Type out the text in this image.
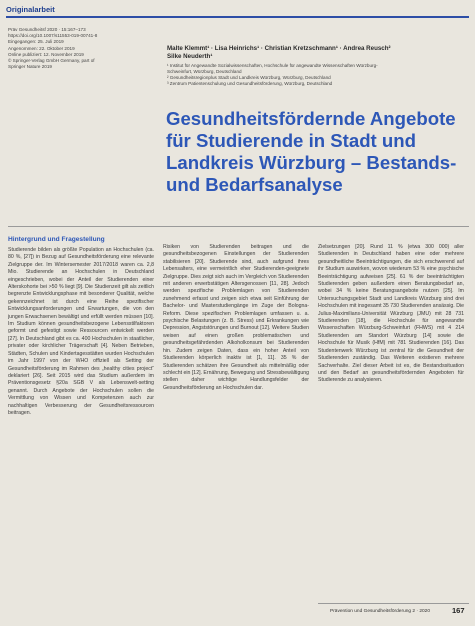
Originalarbeit
Präv Gesundheitsf 2020 · 15:167–173
https://doi.org/10.1007/s11553-019-00741-8
Eingegangen: 25. Juli 2019
Angenommen: 22. Oktober 2019
Online publiziert: 12. November 2019
© Springer-Verlag GmbH Germany, part of
Springer Nature 2019
Malte Klemmt¹ · Lisa Heinrichs¹ · Christian Kretzschmann¹ · Andrea Reusch²
Silke Neuderth¹
¹ Institut für Angewandte Sozialwissenschaften, Hochschule für angewandte Wissenschaften Würzburg-
Schweinfurt, Würzburg, Deutschland
² Gesundheitsregionplus Stadt und Landkreis Würzburg, Würzburg, Deutschland
³ Zentrum Patientenschulung und Gesundheitsförderung, Würzburg, Deutschland
Gesundheitsfördernde Angebote
für Studierende in Stadt und
Landkreis Würzburg – Bestands-
und Bedarfsanalyse
Hintergrund und Fragestellung

Studierende bilden als größte Population an Hochschulen (ca. 80 %, [27]) in Bezug auf Gesundheitsförderung eine relevante Zielgruppe der. Im Wintersemester 2017/2018 waren ca. 2,8 Mio. Studierende an Hochschulen in Deutschland eingeschrieben, wobei der Anteil der Studierenden einer Alterskohorte bei >50 % liegt [9]. Die Studienzeit gilt als zeitlich begrenzte Entwicklungsphase mit besonderer Qualität, welche gekennzeichnet ist durch eine Reihe spezifischer Entwicklungsanforderungen und Erwartungen, die von den jungen Erwachsenen bewältigt und erfüllt werden müssen [10]. Im Studium können gesundheitsbezogene Lebensstilfaktoren geformt und gefestigt sowie Ressourcen entwickelt werden [27]. In Deutschland gibt es ca. 400 Hochschulen in staatlicher, privater oder kirchlicher Trägerschaft [4]. Neben Betrieben, Städten, Schulen und Kindertagesstätten wurden Hochschulen im Jahr 1997 von der WHO offiziell als Setting der Gesundheitsförderung im Rahmen des „healthy cities project“ deklariert [26]. Seit 2015 wird das Studium außerdem im Präventionsgesetz §20a SGB V als Lebenswelt-setting genannt. Durch Angebote der Hochschulen sollen die Vermittlung von Wissen und Kompetenzen auch zur nachhaltigen Verbesserung der Gesundheitsressourcen beitragen.

Risiken von Studierenden beitragen und die gesundheitsbezogenen Einstellungen der Studierenden stabilisieren [20]. Studierende sind, auch aufgrund ihres Lebensalters, eine vermeintlich eher Studierenden-geeignete Zielgruppe. Dies zeigt sich auch im Vergleich von Studierenden mit anderen erwerbstätigen Altersgenossen [11, 28]. Jedoch werden spezifische Problemlagen von Studierenden zunehmend erfasst und zeigen sich etwa seit Einführung der Bachelor- und Masterstudiengänge im Zuge der Bologna-Reform. Diese spezifischen Problemlagen umfassen u. a. psychische Belastungen (z. B. Stress) und Erkrankungen wie Depression, Angststörungen und Burnout [12]. Weitere Studien weisen auf einen großen problematischen und gesundheitsgefährdenden Alkoholkonsum bei Studierenden hin. Zudem zeigen Daten, dass ein hoher Anteil von Studierenden körperlich inaktiv ist [1, 11]. 35 % der Studierenden schätzen ihre Gesundheit als mittelmäßig oder schlecht ein [12]. Ernährung, Bewegung und Stressbewältigung stellen daher wichtige Handlungsfelder der Gesundheitsförderung an Hochschulen dar.

Zielsetzungen [20]. Rund 11 % (etwa 300 000) aller Studierenden in Deutschland haben eine oder mehrere gesundheitliche Beeinträchtigungen, die sich erschwerend auf ihr Studium auswirken, wovon wiederum 53 % eine psychische Beeinträchtigung aufweisen [25]. 61 % der beeinträchtigten Studierenden geben außerdem einen Beratungsbedarf an, wobei 34 % keine Beratungsangebote nutzen [25]. Im Untersuchungsgebiet Stadt und Landkreis Würzburg sind drei Hochschulen mit insgesamt 35 730 Studierenden ansässig. Die Julius-Maximilians-Universität Würzburg (JMU) mit 28 731 Studierenden [18], die Hochschule für angewandte Wissenschaften Würzburg-Schweinfurt (FHWS) mit 4 214 Studierenden am Standort Würzburg [14] sowie die Hochschule für Musik (HfM) mit 781 Studierenden [16]. Das Studentenwerk Würzburg ist zentral für die Gesundheit der Studierenden zuständig. Das Weiteren existieren mehrere Sachverhalte. Ziel dieser Arbeit ist es, die Bestandssituation und den Bedarf an gesundheitsfördernden Angeboten für Studierende zu analysieren.

Prävention und Gesundheitsförderung 2 · 2020	167
